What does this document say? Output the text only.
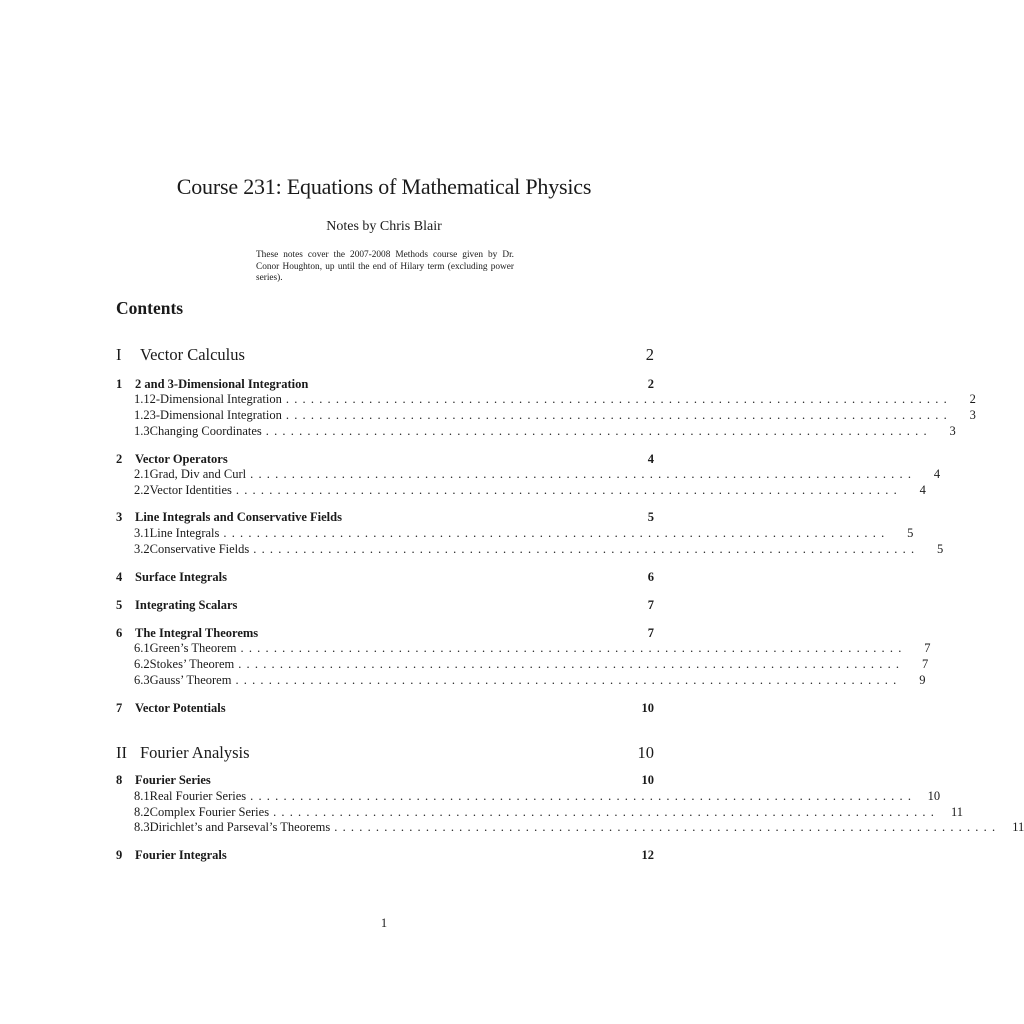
Course 231: Equations of Mathematical Physics
Notes by Chris Blair
These notes cover the 2007-2008 Methods course given by Dr. Conor Houghton, up until the end of Hilary term (excluding power series).
Contents
I	Vector Calculus	2
1	2 and 3-Dimensional Integration	2
1.1 2-Dimensional Integration ................................................................................	2
1.2 3-Dimensional Integration ................................................................................	3
1.3 Changing Coordinates ................................................................................	3
2	Vector Operators	4
2.1 Grad, Div and Curl ................................................................................	4
2.2 Vector Identities ................................................................................	4
3	Line Integrals and Conservative Fields	5
3.1 Line Integrals ................................................................................	5
3.2 Conservative Fields ................................................................................	5
4	Surface Integrals	6
5	Integrating Scalars	7
6	The Integral Theorems	7
6.1 Green’s Theorem ................................................................................	7
6.2 Stokes’ Theorem ................................................................................	7
6.3 Gauss’ Theorem ................................................................................	9
7	Vector Potentials	10
II Fourier Analysis	10
8	Fourier Series	10
8.1 Real Fourier Series ................................................................................ 10
8.2 Complex Fourier Series ................................................................................ 11
8.3 Dirichlet’s and Parseval’s Theorems ................................................................................ 11
9	Fourier Integrals	12
1
